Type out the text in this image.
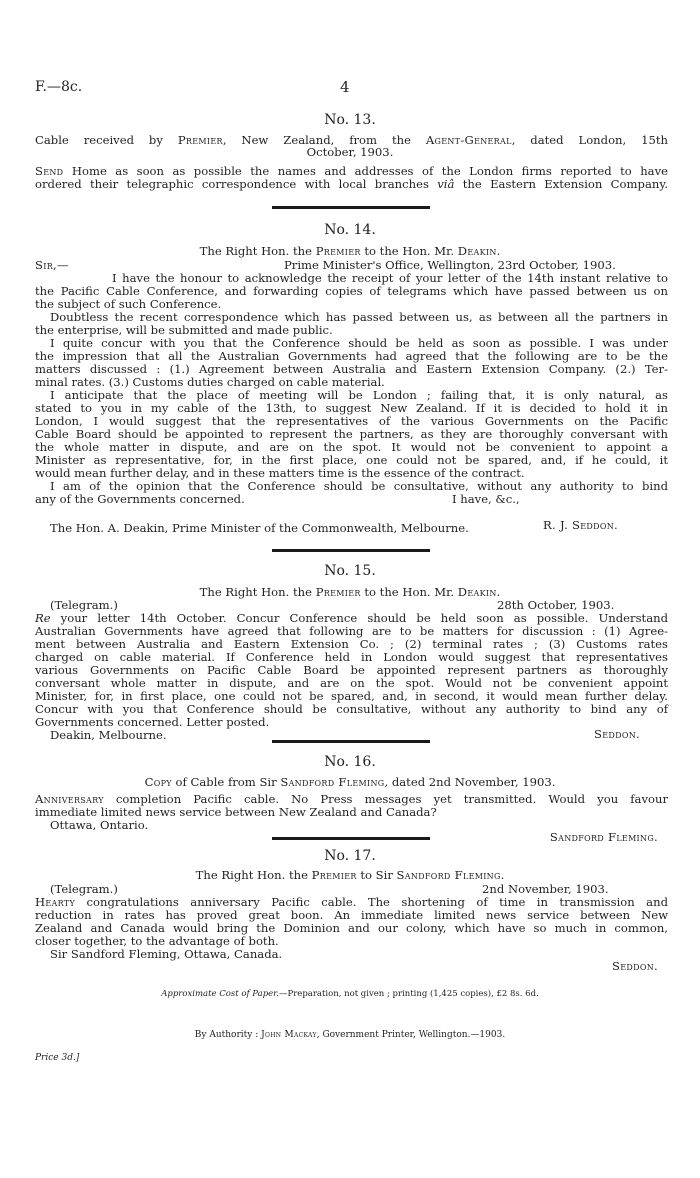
F.—8c.	4
No. 13.

Cable received by Premier, New Zealand, from the Agent-General, dated London, 15th

October, 1903.

Send Home as soon as possible the names and addresses of the London firms reported to have

ordered their telegraphic correspondence with local branches viâ the Eastern Extension Company.

No. 14.

The Right Hon. the Premier to the Hon. Mr. Deakin.

Sir,—	Prime Minister's Office, Wellington, 23rd October, 1903.

I have the honour to acknowledge the receipt of your letter of the 14th instant relative to

the Pacific Cable Conference, and forwarding copies of telegrams which have passed between us on

the subject of such Conference.

Doubtless the recent correspondence which has passed between us, as between all the partners in

the enterprise, will be submitted and made public.

I quite concur with you that the Conference should be held as soon as possible. I was under

the impression that all the Australian Governments had agreed that the following are to be the

matters discussed : (1.) Agreement between Australia and Eastern Extension Company. (2.) Ter-

minal rates. (3.) Customs duties charged on cable material.

I anticipate that the place of meeting will be London ; failing that, it is only natural, as

stated to you in my cable of the 13th, to suggest New Zealand. If it is decided to hold it in

London, I would suggest that the representatives of the various Governments on the Pacific

Cable Board should be appointed to represent the partners, as they are thoroughly conversant with

the whole matter in dispute, and are on the spot. It would not be convenient to appoint a

Minister as representative, for, in the first place, one could not be spared, and, if he could, it

would mean further delay, and in these matters time is the essence of the contract.

I am of the opinion that the Conference should be consultative, without any authority to bind

any of the Governments concerned.	I have, &c.,

R. J. Seddon.

The Hon. A. Deakin, Prime Minister of the Commonwealth, Melbourne.

No. 15.

The Right Hon. the Premier to the Hon. Mr. Deakin.

(Telegram.)	28th October, 1903.

Re your letter 14th October. Concur Conference should be held soon as possible. Understand

Australian Governments have agreed that following are to be matters for discussion : (1) Agree-

ment between Australia and Eastern Extension Co. ; (2) terminal rates ; (3) Customs rates

charged on cable material. If Conference held in London would suggest that representatives

various Governments on Pacific Cable Board be appointed represent partners as thoroughly

conversant whole matter in dispute, and are on the spot. Would not be convenient appoint

Minister, for, in first place, one could not be spared, and, in second, it would mean further delay.

Concur with you that Conference should be consultative, without any authority to bind any of

Governments concerned. Letter posted.

Seddon.

Deakin, Melbourne.

No. 16.

Copy of Cable from Sir Sandford Fleming, dated 2nd November, 1903.

Anniversary completion Pacific cable. No Press messages yet transmitted. Would you favour

immediate limited news service between New Zealand and Canada?

Ottawa, Ontario.

Sandford Fleming.

No. 17.

The Right Hon. the Premier to Sir Sandford Fleming.

(Telegram.)	2nd November, 1903.

Hearty congratulations anniversary Pacific cable. The shortening of time in transmission and

reduction in rates has proved great boon. An immediate limited news service between New

Zealand and Canada would bring the Dominion and our colony, which have so much in common,

closer together, to the advantage of both.

Sir Sandford Fleming, Ottawa, Canada.

Seddon.

Approximate Cost of Paper.—Preparation, not given ; printing (1,425 copies), £2 8s. 6d.

By Authority : John Mackay, Government Printer, Wellington.—1903.

Price 3d.]
